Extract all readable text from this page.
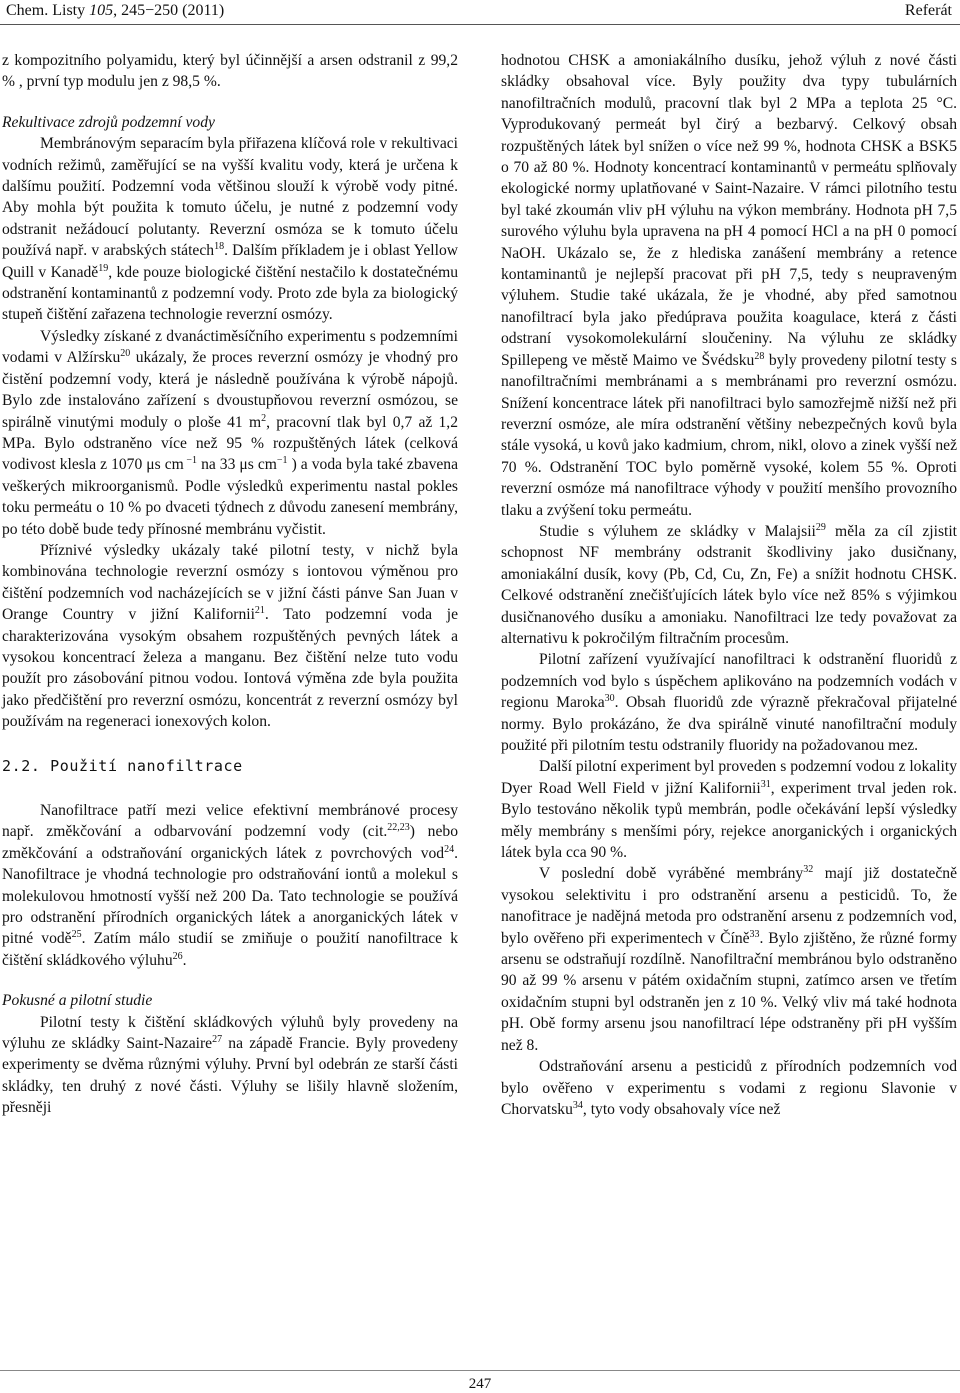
Chem. Listy 105, 245−250 (2011)	Referát

z kompozitního polyamidu, který byl účinnější a arsen odstranil z 99,2 % , první typ modulu jen z 98,5 %.

Rekultivace zdrojů podzemní vody

Membránovým separacím byla přiřazena klíčová role v rekultivaci vodních režimů, zaměřující se na vyšší kvalitu vody, která je určena k dalšímu použití. Podzemní voda většinou slouží k výrobě vody pitné. Aby mohla být použita k tomuto účelu, je nutné z podzemní vody odstranit nežádoucí polutanty. Reverzní osmóza se k tomuto účelu používá např. v arabských státech$^{18}$. Dalším příkladem je i oblast Yellow Quill v Kanadě$^{19}$, kde pouze biologické čištění nestačilo k dostatečnému odstranění kontaminantů z podzemní vody. Proto zde byla za biologický stupeň čištění zařazena technologie reverzní osmózy.

Výsledky získané z dvanáctiměsíčního experimentu s podzemními vodami v Alžírsku$^{20}$ ukázaly, že proces reverzní osmózy je vhodný pro čistění podzemní vody, která je následně používána k výrobě nápojů. Bylo zde instalováno zařízení s dvoustupňovou reverzní osmózou, se spirálně vinutými moduly o ploše 41 $m^2$, pracovní tlak byl 0,7 až 1,2 MPa. Bylo odstraněno více než 95 % rozpuštěných látek (celková vodivost klesla z 1070 μs cm $^{-1}$ na 33 μs $cm^{-1}$ ) a voda byla také zbavena veškerých mikroorganismů. Podle výsledků experimentu nastal pokles toku permeátu o 10 % po dvaceti týdnech z důvodu zanesení membrány, po této době bude tedy přínosné membránu vyčistit.

Příznivé výsledky ukázaly také pilotní testy, v nichž byla kombinována technologie reverzní osmózy s iontovou výměnou pro čištění podzemních vod nacházejících se v jižní části pánve San Juan v Orange Country v jižní Kalifornii$^{21}$. Tato podzemní voda je charakterizována vysokým obsahem rozpuštěných pevných látek a vysokou koncentrací železa a manganu. Bez čištění nelze tuto vodu použít pro zásobování pitnou vodou. Iontová výměna zde byla použita jako předčištění pro reverzní osmózu, koncentrát z reverzní osmózy byl používám na regeneraci ionexových kolon.

2.2. Použití nanofiltrace

Nanofiltrace patří mezi velice efektivní membránové procesy např. změkčování a odbarvování podzemní vody (cit.$^{22,23}$) nebo změkčování a odstraňování organických látek z povrchových vod$^{24}$. Nanofiltrace je vhodná technologie pro odstraňování iontů a molekul s molekulovou hmotností vyšší než 200 Da. Tato technologie se používá pro odstranění přírodních organických látek a anorganických látek v pitné vodě$^{25}$. Zatím málo studií se zmiňuje o použití nanofiltrace k čištění skládkového výluhu$^{26}$.

Pokusné a pilotní studie

Pilotní testy k čištění skládkových výluhů byly provedeny na výluhu ze skládky Saint-Nazaire$^{27}$ na západě Francie. Byly provedeny experimenty se dvěma různými výluhy. První byl odebrán ze starší části skládky, ten druhý z nové části. Výluhy se lišily hlavně složením, přesněji

hodnotou CHSK a amoniakálního dusíku, jehož výluh z nové části skládky obsahoval více. Byly použity dva typy tubulárních nanofiltračních modulů, pracovní tlak byl 2 MPa a teplota 25 °C. Vyprodukovaný permeát byl čirý a bezbarvý. Celkový obsah rozpuštěných látek byl snížen o více než 99 %, hodnota CHSK a BSK5 o 70 až 80 %. Hodnoty koncentrací kontaminantů v permeátu splňovaly ekologické normy uplatňované v Saint-Nazaire. V rámci pilotního testu byl také zkoumán vliv pH výluhu na výkon membrány. Hodnota pH 7,5 surového výluhu byla upravena na pH 4 pomocí HCl a na pH 0 pomocí NaOH. Ukázalo se, že z hlediska zanášení membrány a retence kontaminantů je nejlepší pracovat při pH 7,5, tedy s neupraveným výluhem. Studie také ukázala, že je vhodné, aby před samotnou nanofiltrací byla jako předúprava použita koagulace, která z části odstraní vysokomolekulární sloučeniny. Na výluhu ze skládky Spillepeng ve městě Maimo ve Švédsku$^{28}$ byly provedeny pilotní testy s nanofiltračními membránami a s membránami pro reverzní osmózu. Snížení koncentrace látek při nanofiltraci bylo samozřejmě nižší než při reverzní osmóze, ale míra odstranění většiny nebezpečných kovů byla stále vysoká, u kovů jako kadmium, chrom, nikl, olovo a zinek vyšší než 70 %. Odstranění TOC bylo poměrně vysoké, kolem 55 %. Oproti reverzní osmóze má nanofiltrace výhody v použití menšího provozního tlaku a zvýšení toku permeátu.

Studie s výluhem ze skládky v Malajsii$^{29}$ měla za cíl zjistit schopnost NF membrány odstranit škodliviny jako dusičnany, amoniakální dusík, kovy (Pb, Cd, Cu, Zn, Fe) a snížit hodnotu CHSK. Celkové odstranění znečišťujících látek bylo více než 85% s výjimkou dusičnanového dusíku a amoniaku. Nanofiltraci lze tedy považovat za alternativu k pokročilým filtračním procesům.

Pilotní zařízení využívající nanofiltraci k odstranění fluoridů z podzemních vod bylo s úspěchem aplikováno na podzemních vodách v regionu Maroka$^{30}$. Obsah fluoridů zde výrazně překračoval přijatelné normy. Bylo prokázáno, že dva spirálně vinuté nanofiltrační moduly použité při pilotním testu odstranily fluoridy na požadovanou mez.

Další pilotní experiment byl proveden s podzemní vodou z lokality Dyer Road Well Field v jižní Kalifornii$^{31}$, experiment trval jeden rok. Bylo testováno několik typů membrán, podle očekávání lepší výsledky měly membrány s menšími póry, rejekce anorganických i organických látek byla cca 90 %.

V poslední době vyráběné membrány$^{32}$ mají již dostatečně vysokou selektivitu i pro odstranění arsenu a pesticidů. To, že nanofitrace je nadějná metoda pro odstranění arsenu z podzemních vod, bylo ověřeno při experimentech v Číně$^{33}$. Bylo zjištěno, že různé formy arsenu se odstraňují rozdílně. Nanofiltrační membránou bylo odstraněno 90 až 99 % arsenu v pátém oxidačním stupni, zatímco arsen ve třetím oxidačním stupni byl odstraněn jen z 10 %. Velký vliv má také hodnota pH. Obě formy arsenu jsou nanofiltrací lépe odstraněny při pH vyšším než 8.

Odstraňování arsenu a pesticidů z přírodních podzemních vod bylo ověřeno v experimentu s vodami z regionu Slavonie v Chorvatsku$^{34}$, tyto vody obsahovaly více než

247
